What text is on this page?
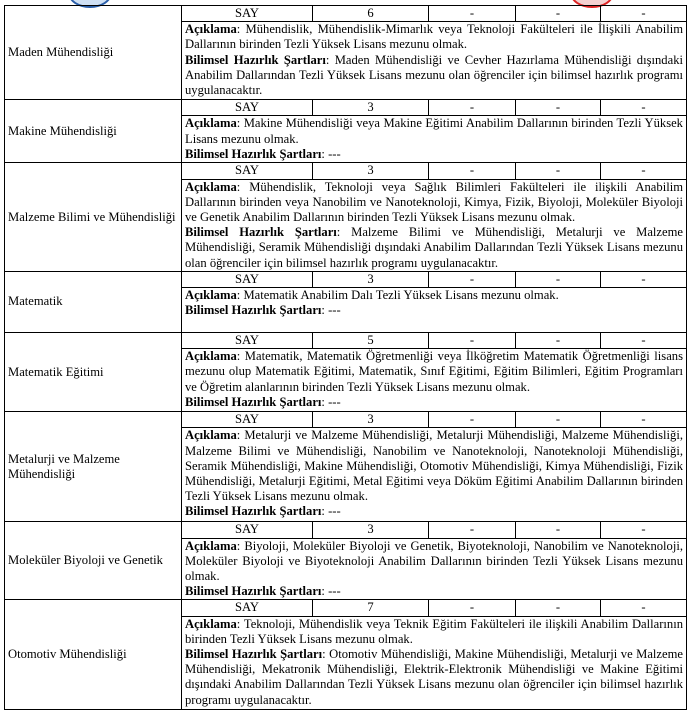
Maden Mühendisliği	SAY	6	-	-	-

	Açıklama: Mühendislik, Mühendislik-Mimarlık veya Teknoloji Fakülteleri ile İlişkili Anabilim Dallarının birinden Tezli Yüksek Lisans mezunu olmak.
Bilimsel Hazırlık Şartları: Maden Mühendisliği ve Cevher Hazırlama Mühendisliği dışındaki Anabilim Dallarından Tezli Yüksek Lisans mezunu olan öğrenciler için bilimsel hazırlık programı uygulanacaktır.				

Makine Mühendisliği	SAY	3	-	-	-

	Açıklama: Makine Mühendisliği veya Makine Eğitimi Anabilim Dallarının birinden Tezli Yüksek Lisans mezunu olmak.
Bilimsel Hazırlık Şartları: ---				

Malzeme Bilimi ve Mühendisliği	SAY	3	-	-	-

	Açıklama: Mühendislik, Teknoloji veya Sağlık Bilimleri Fakülteleri ile ilişkili Anabilim Dallarının birinden veya Nanobilim ve Nanoteknoloji, Kimya, Fizik, Biyoloji, Moleküler Biyoloji ve Genetik Anabilim Dallarının birinden Tezli Yüksek Lisans mezunu olmak.
Bilimsel Hazırlık Şartları: Malzeme Bilimi ve Mühendisliği, Metalurji ve Malzeme Mühendisliği, Seramik Mühendisliği dışındaki Anabilim Dallarından Tezli Yüksek Lisans mezunu olan öğrenciler için bilimsel hazırlık programı uygulanacaktır.				

Matematik	SAY	3	-	-	-

	Açıklama: Matematik Anabilim Dalı Tezli Yüksek Lisans mezunu olmak.
Bilimsel Hazırlık Şartları: ---				

Matematik Eğitimi	SAY	5	-	-	-

	Açıklama: Matematik, Matematik Öğretmenliği veya İlköğretim Matematik Öğretmenliği lisans mezunu olup Matematik Eğitimi, Matematik, Sınıf Eğitimi, Eğitim Bilimleri, Eğitim Programları ve Öğretim alanlarının birinden Tezli Yüksek Lisans mezunu olmak.
Bilimsel Hazırlık Şartları: ---				

Metalurji ve Malzeme Mühendisliği	SAY	3	-	-	-

	Açıklama: Metalurji ve Malzeme Mühendisliği, Metalurji Mühendisliği, Malzeme Mühendisliği, Malzeme Bilimi ve Mühendisliği, Nanobilim ve Nanoteknoloji, Nanoteknoloji Mühendisliği, Seramik Mühendisliği, Makine Mühendisliği, Otomotiv Mühendisliği, Kimya Mühendisliği, Fizik Mühendisliği, Metalurji Eğitimi, Metal Eğitimi veya Döküm Eğitimi Anabilim Dallarının birinden Tezli Yüksek Lisans mezunu olmak.
Bilimsel Hazırlık Şartları: ---				

Moleküler Biyoloji ve Genetik	SAY	3	-	-	-

	Açıklama: Biyoloji, Moleküler Biyoloji ve Genetik, Biyoteknoloji, Nanobilim ve Nanoteknoloji, Moleküler Biyoloji ve Biyoteknoloji Anabilim Dallarının birinden Tezli Yüksek Lisans mezunu olmak.
Bilimsel Hazırlık Şartları: ---				

Otomotiv Mühendisliği	SAY	7	-	-	-

	Açıklama: Teknoloji, Mühendislik veya Teknik Eğitim Fakülteleri ile ilişkili Anabilim Dallarının birinden Tezli Yüksek Lisans mezunu olmak.
Bilimsel Hazırlık Şartları: Otomotiv Mühendisliği, Makine Mühendisliği, Metalurji ve Malzeme Mühendisliği, Mekatronik Mühendisliği, Elektrik-Elektronik Mühendisliği ve Makine Eğitimi dışındaki Anabilim Dallarından Tezli Yüksek Lisans mezunu olan öğrenciler için bilimsel hazırlık programı uygulanacaktır.				
